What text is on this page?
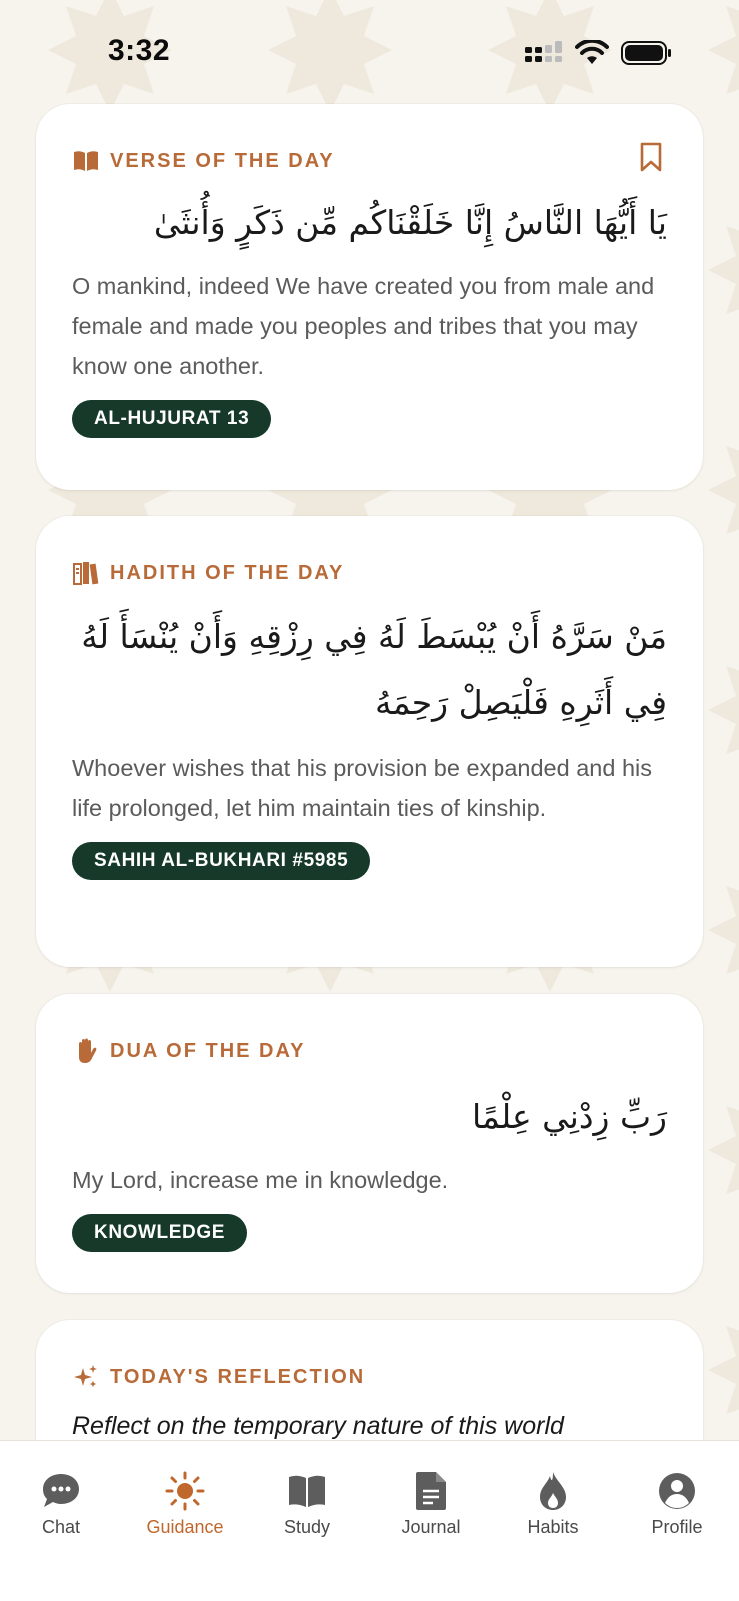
3:32
VERSE OF THE DAY
يَا أَيُّهَا النَّاسُ إِنَّا خَلَقْنَاكُم مِّن ذَكَرٍ وَأُنثَىٰ
O mankind, indeed We have created you from male and female and made you peoples and tribes that you may know one another.
AL-HUJURAT 13
HADITH OF THE DAY
مَنْ سَرَّهُ أَنْ يُبْسَطَ لَهُ فِي رِزْقِهِ وَأَنْ يُنْسَأَ لَهُ فِي أَثَرِهِ فَلْيَصِلْ رَحِمَهُ
Whoever wishes that his provision be expanded and his life prolonged, let him maintain ties of kinship.
SAHIH AL-BUKHARI #5985
DUA OF THE DAY
رَبِّ زِدْنِي عِلْمًا
My Lord, increase me in knowledge.
KNOWLEDGE
TODAY'S REFLECTION
Reflect on the temporary nature of this world
Chat	Guidance	Study	Journal	Habits	Profile
